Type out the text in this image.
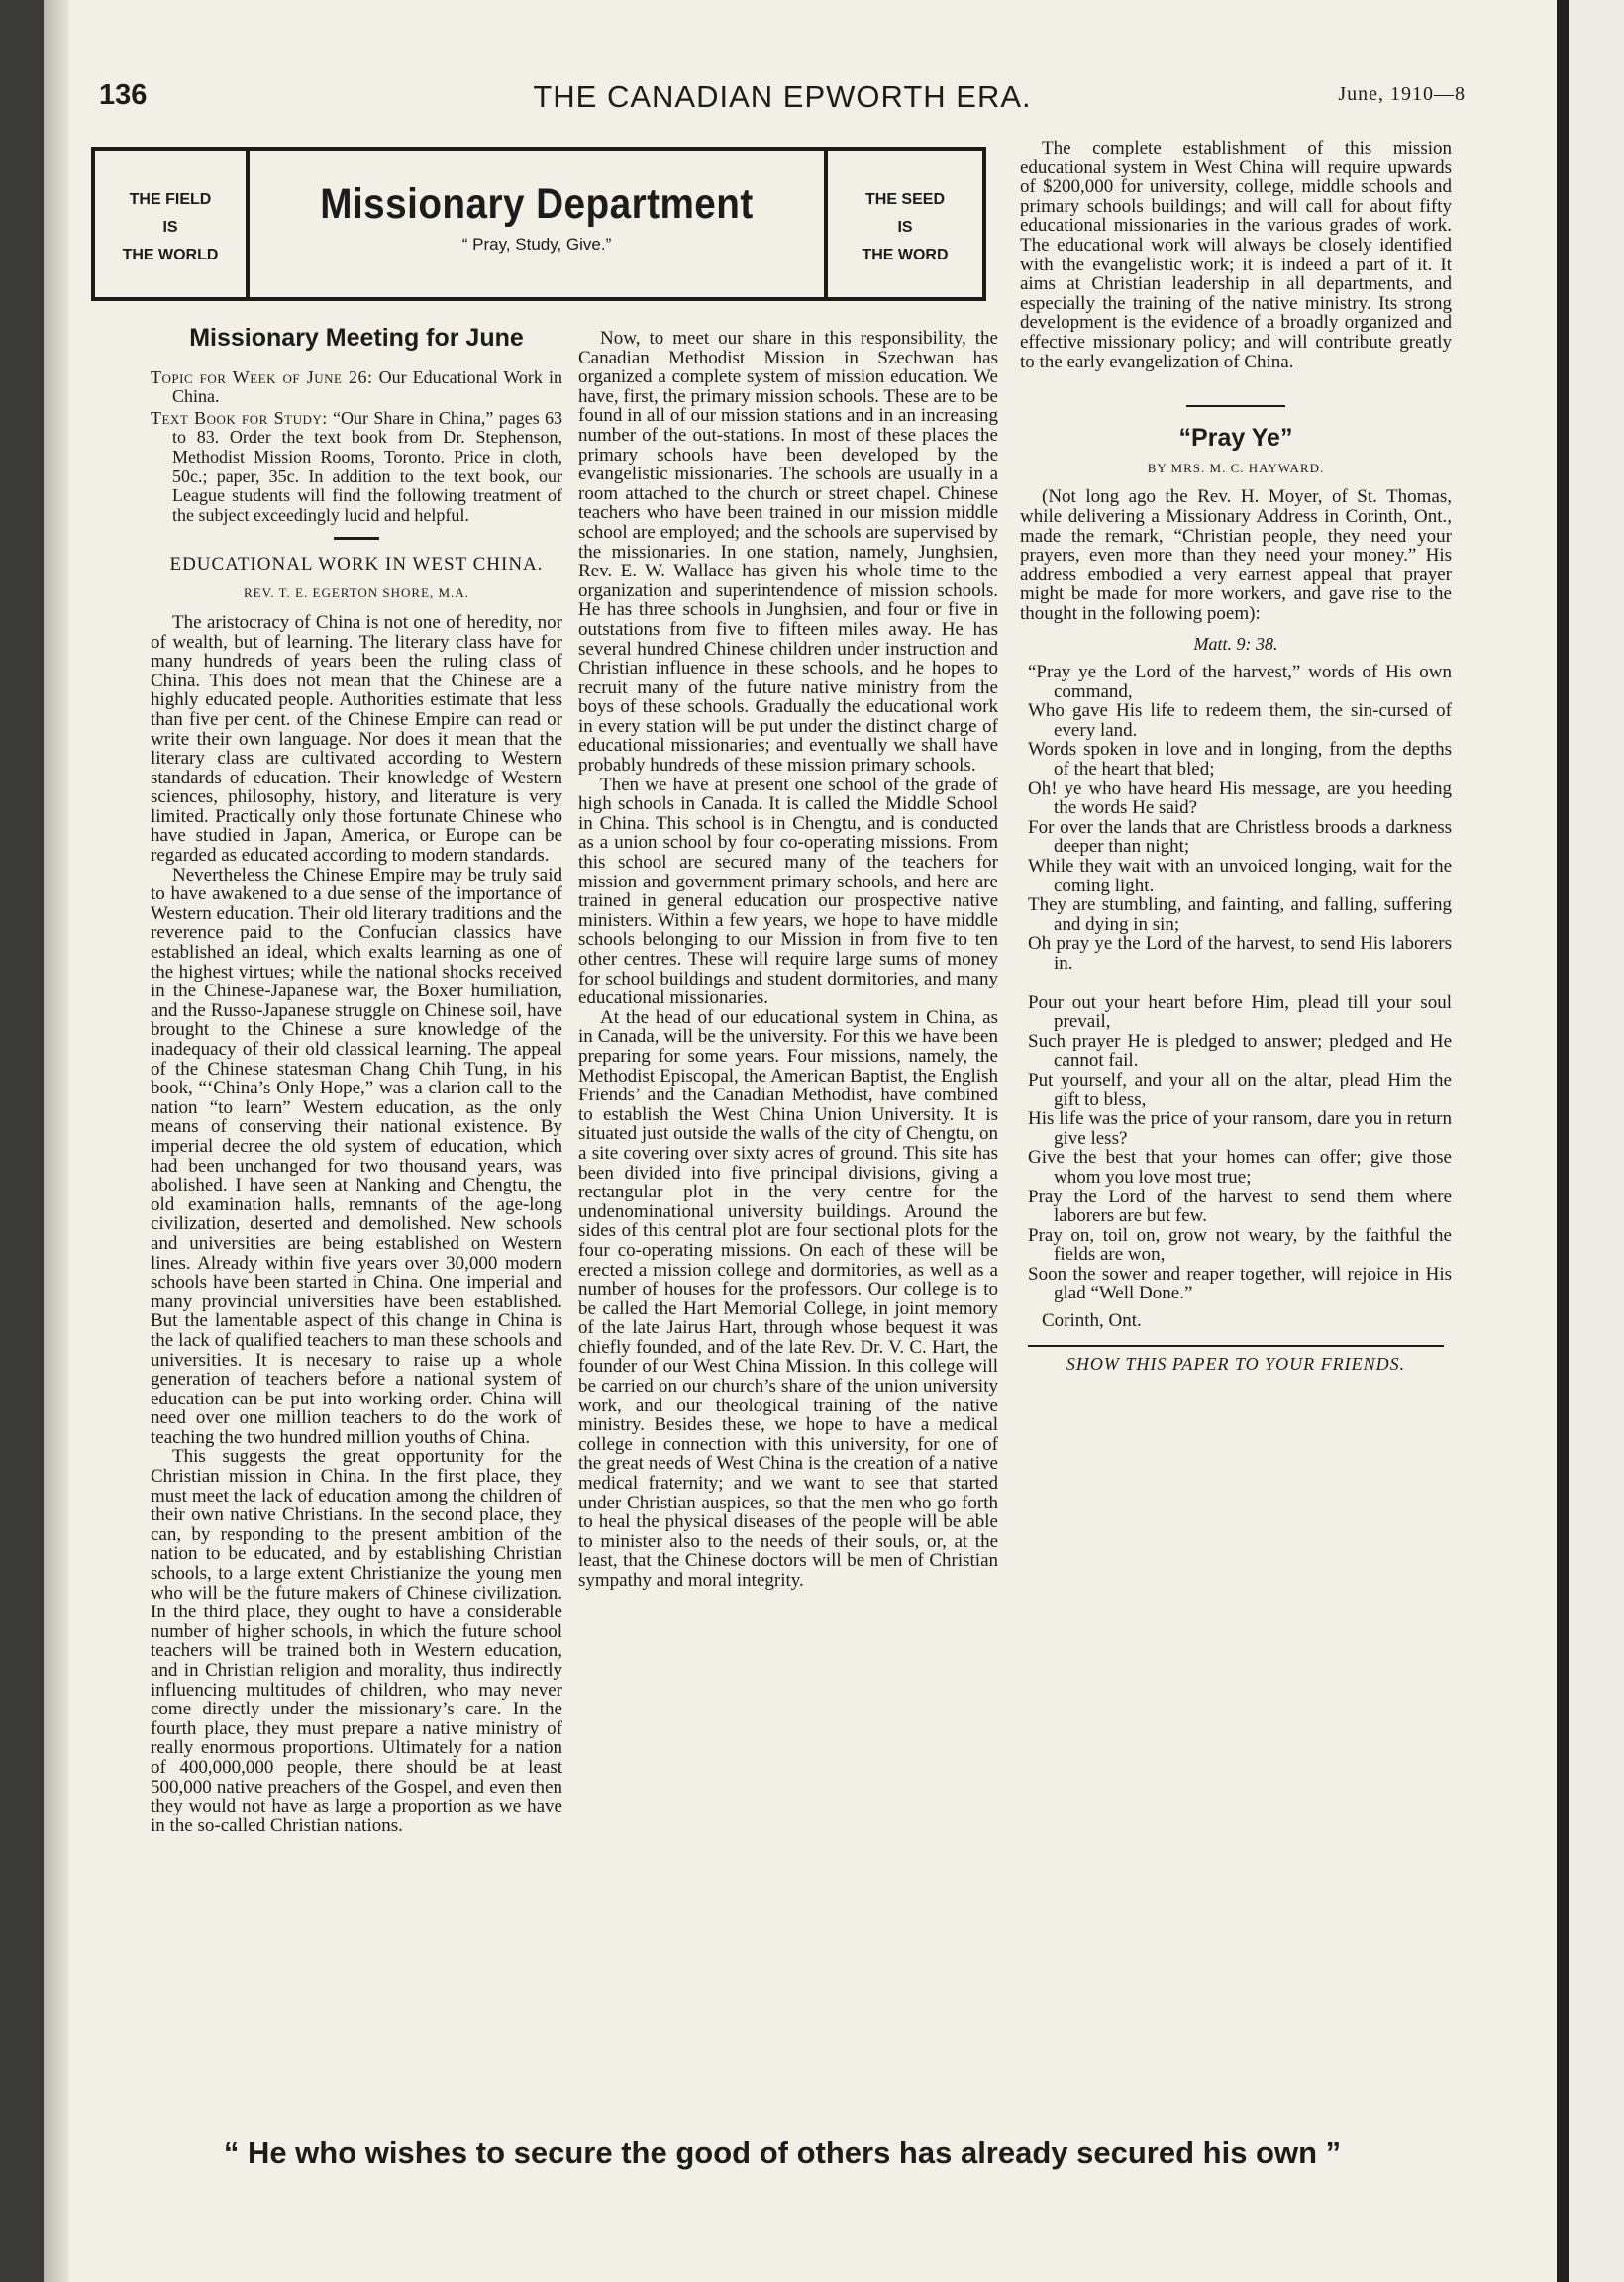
136	THE CANADIAN EPWORTH ERA.	June, 1910—8
THE FIELD
IS
THE WORLD
Missionary Department
“ Pray, Study, Give.”
THE SEED
IS
THE WORD
Missionary Meeting for June
Topic for Week of June 26: Our Educational Work in China.
Text Book for Study: “Our Share in China,” pages 63 to 83. Order the text book from Dr. Stephenson, Methodist Mission Rooms, Toronto. Price in cloth, 50c.; paper, 35c. In addition to the text book, our League students will find the following treatment of the subject exceedingly lucid and helpful.
EDUCATIONAL WORK IN WEST CHINA.
REV. T. E. EGERTON SHORE, M.A.

The aristocracy of China is not one of heredity, nor of wealth, but of learning. The literary class have for many hundreds of years been the ruling class of China. This does not mean that the Chinese are a highly educated people. Authorities estimate that less than five per cent. of the Chinese Empire can read or write their own language. Nor does it mean that the literary class are cultivated according to Western standards of education. Their knowledge of Western sciences, philosophy, history, and literature is very limited. Practically only those fortunate Chinese who have studied in Japan, America, or Europe can be regarded as educated according to modern standards.

Nevertheless the Chinese Empire may be truly said to have awakened to a due sense of the importance of Western education. Their old literary traditions and the reverence paid to the Confucian classics have established an ideal, which exalts learning as one of the highest virtues; while the national shocks received in the Chinese-Japanese war, the Boxer humiliation, and the Russo-Japanese struggle on Chinese soil, have brought to the Chinese a sure knowledge of the inadequacy of their old classical learning. The appeal of the Chinese statesman Chang Chih Tung, in his book, “‘China’s Only Hope,” was a clarion call to the nation “to learn” Western education, as the only means of conserving their national existence. By imperial decree the old system of education, which had been unchanged for two thousand years, was abolished. I have seen at Nanking and Chengtu, the old examination halls, remnants of the age-long civilization, deserted and demolished. New schools and universities are being established on Western lines. Already within five years over 30,000 modern schools have been started in China. One imperial and many provincial universities have been established. But the lamentable aspect of this change in China is the lack of qualified teachers to man these schools and universities. It is necesary to raise up a whole generation of teachers before a national system of education can be put into working order. China will need over one million teachers to do the work of teaching the two hundred million youths of China.

This suggests the great opportunity for the Christian mission in China. In the first place, they must meet the lack of education among the children of their own native Christians. In the second place, they can, by responding to the present ambition of the nation to be educated, and by establishing Christian schools, to a large extent Christianize the young men who will be the future makers of Chinese civilization. In the third place, they ought to have a considerable number of higher schools, in which the future school teachers will be trained both in Western education, and in Christian religion and morality, thus indirectly influencing multitudes of children, who may never come directly under the missionary’s care. In the fourth place, they must prepare a native ministry of really enormous proportions. Ultimately for a nation of 400,000,000 people, there should be at least 500,000 native preachers of the Gospel, and even then they would not have as large a proportion as we have in the so-called Christian nations.

Now, to meet our share in this responsibility, the Canadian Methodist Mission in Szechwan has organized a complete system of mission education. We have, first, the primary mission schools. These are to be found in all of our mission stations and in an increasing number of the out-stations. In most of these places the primary schools have been developed by the evangelistic missionaries. The schools are usually in a room attached to the church or street chapel. Chinese teachers who have been trained in our mission middle school are employed; and the schools are supervised by the missionaries. In one station, namely, Junghsien, Rev. E. W. Wallace has given his whole time to the organization and superintendence of mission schools. He has three schools in Junghsien, and four or five in outstations from five to fifteen miles away. He has several hundred Chinese children under instruction and Christian influence in these schools, and he hopes to recruit many of the future native ministry from the boys of these schools. Gradually the educational work in every station will be put under the distinct charge of educational missionaries; and eventually we shall have probably hundreds of these mission primary schools.

Then we have at present one school of the grade of high schools in Canada. It is called the Middle School in China. This school is in Chengtu, and is conducted as a union school by four co-operating missions. From this school are secured many of the teachers for mission and government primary schools, and here are trained in general education our prospective native ministers. Within a few years, we hope to have middle schools belonging to our Mission in from five to ten other centres. These will require large sums of money for school buildings and student dormitories, and many educational missionaries.

At the head of our educational system in China, as in Canada, will be the university. For this we have been preparing for some years. Four missions, namely, the Methodist Episcopal, the American Baptist, the English Friends’ and the Canadian Methodist, have combined to establish the West China Union University. It is situated just outside the walls of the city of Chengtu, on a site covering over sixty acres of ground. This site has been divided into five principal divisions, giving a rectangular plot in the very centre for the undenominational university buildings. Around the sides of this central plot are four sectional plots for the four co-operating missions. On each of these will be erected a mission college and dormitories, as well as a number of houses for the professors. Our college is to be called the Hart Memorial College, in joint memory of the late Jairus Hart, through whose bequest it was chiefly founded, and of the late Rev. Dr. V. C. Hart, the founder of our West China Mission. In this college will be carried on our church’s share of the union university work, and our theological training of the native ministry. Besides these, we hope to have a medical college in connection with this university, for one of the great needs of West China is the creation of a native medical fraternity; and we want to see that started under Christian auspices, so that the men who go forth to heal the physical diseases of the people will be able to minister also to the needs of their souls, or, at the least, that the Chinese doctors will be men of Christian sympathy and moral integrity.

The complete establishment of this mission educational system in West China will require upwards of $200,000 for university, college, middle schools and primary schools buildings; and will call for about fifty educational missionaries in the various grades of work. The educational work will always be closely identified with the evangelistic work; it is indeed a part of it. It aims at Christian leadership in all departments, and especially the training of the native ministry. Its strong development is the evidence of a broadly organized and effective missionary policy; and will contribute greatly to the early evangelization of China.

“Pray Ye”
BY MRS. M. C. HAYWARD.

(Not long ago the Rev. H. Moyer, of St. Thomas, while delivering a Missionary Address in Corinth, Ont., made the remark, “Christian people, they need your prayers, even more than they need your money.” His address embodied a very earnest appeal that prayer might be made for more workers, and gave rise to the thought in the following poem):

Matt. 9: 38.
“Pray ye the Lord of the harvest,” words of His own command,
Who gave His life to redeem them, the sin-cursed of every land.
Words spoken in love and in longing, from the depths of the heart that bled;
Oh! ye who have heard His message, are you heeding the words He said?
For over the lands that are Christless broods a darkness deeper than night;
While they wait with an unvoiced longing, wait for the coming light.
They are stumbling, and fainting, and falling, suffering and dying in sin;
Oh pray ye the Lord of the harvest, to send His laborers in.
Pour out your heart before Him, plead till your soul prevail,
Such prayer He is pledged to answer; pledged and He cannot fail.
Put yourself, and your all on the altar, plead Him the gift to bless,
His life was the price of your ransom, dare you in return give less?
Give the best that your homes can offer; give those whom you love most true;
Pray the Lord of the harvest to send them where laborers are but few.
Pray on, toil on, grow not weary, by the faithful the fields are won,
Soon the sower and reaper together, will rejoice in His glad “Well Done.”
Corinth, Ont.
SHOW THIS PAPER TO YOUR FRIENDS.
“ He who wishes to secure the good of others has already secured his own ”
